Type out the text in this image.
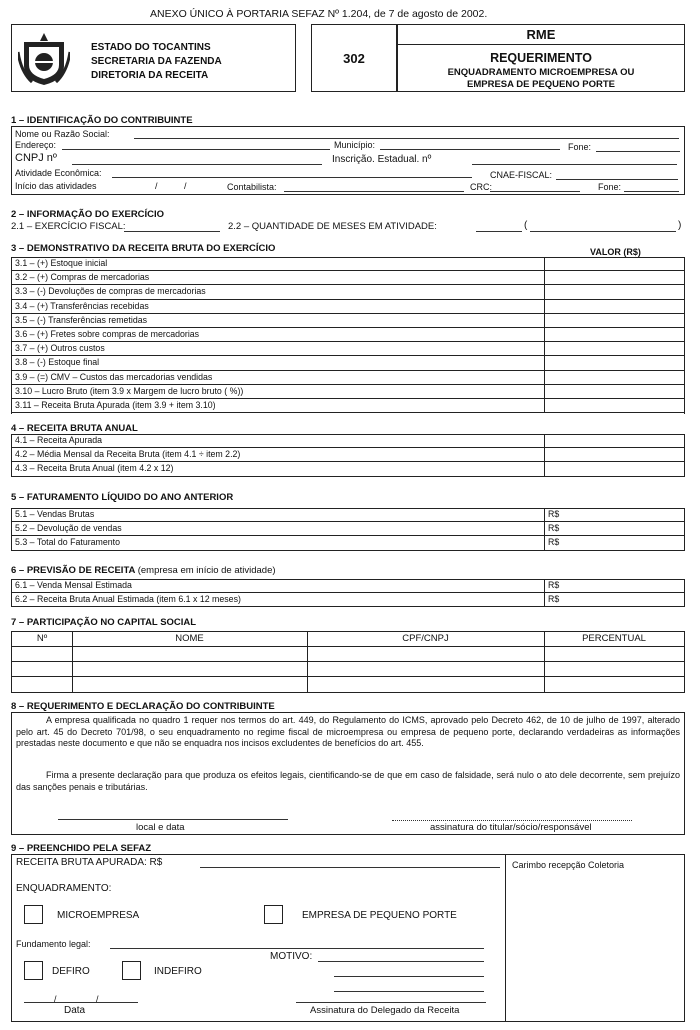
ANEXO ÚNICO À PORTARIA SEFAZ Nº 1.204, de 7 de agosto de 2002.
ESTADO DO TOCANTINS
SECRETARIA DA FAZENDA
DIRETORIA DA RECEITA
302
RME
REQUERIMENTO
ENQUADRAMENTO MICROEMPRESA OU
EMPRESA DE PEQUENO PORTE
1 – IDENTIFICAÇÃO DO CONTRIBUINTE
Nome ou Razão Social:
Endereço:	Município:	Fone:
CNPJ nº	Inscrição. Estadual. nº
Atividade Econômica:	CNAE-FISCAL:
Início das atividades	/	/	Contabilista:	CRC:	Fone:
2 – INFORMAÇÃO DO EXERCÍCIO
2.1 – EXERCÍCIO FISCAL:	2.2 – QUANTIDADE DE MESES EM ATIVIDADE:	(	)
3 – DEMONSTRATIVO DA RECEITA BRUTA DO EXERCÍCIO	VALOR (R$)
3.1 – (+) Estoque inicial
3.2 – (+) Compras de mercadorias
3.3 – (-) Devoluções de compras de mercadorias
3.4 – (+) Transferências recebidas
3.5 – (-) Transferências remetidas
3.6 – (+) Fretes sobre compras de mercadorias
3.7 – (+) Outros custos
3.8 – (-) Estoque final
3.9 – (=) CMV – Custos das mercadorias vendidas
3.10 – Lucro Bruto (item 3.9 x Margem de lucro bruto ( %))
3.11 – Receita Bruta Apurada (item 3.9 + item 3.10)
4 – RECEITA BRUTA ANUAL
4.1 – Receita Apurada
4.2 – Média Mensal da Receita Bruta (item 4.1 ÷ item 2.2)
4.3 – Receita Bruta Anual (item 4.2 x 12)
5 – FATURAMENTO LÍQUIDO DO ANO ANTERIOR
5.1 – Vendas Brutas	R$
5.2 – Devolução de vendas	R$
5.3 – Total do Faturamento	R$
6 – PREVISÃO DE RECEITA (empresa em início de atividade)
6.1 – Venda Mensal Estimada	R$
6.2 – Receita Bruta Anual Estimada (item 6.1 x 12 meses)	R$
7 – PARTICIPAÇÃO NO CAPITAL SOCIAL
Nº	NOME	CPF/CNPJ	PERCENTUAL
8 – REQUERIMENTO E DECLARAÇÃO DO CONTRIBUINTE
A empresa qualificada no quadro 1 requer nos termos do art. 449, do Regulamento do ICMS, aprovado pelo Decreto 462, de 10 de julho de 1997, alterado pelo art. 45 do Decreto 701/98, o seu enquadramento no regime fiscal de microempresa ou empresa de pequeno porte, declarando verdadeiras as informações prestadas neste documento e que não se enquadra nos incisos excludentes de benefícios do art. 455.
Firma a presente declaração para que produza os efeitos legais, cientificando-se de que em caso de falsidade, será nulo o ato dele decorrente, sem prejuízo das sanções penais e tributárias.
local e data	assinatura do titular/sócio/responsável
9 – PREENCHIDO PELA SEFAZ
Carimbo recepção Coletoria
RECEITA BRUTA APURADA: R$
ENQUADRAMENTO:
MICROEMPRESA	EMPRESA DE PEQUENO PORTE
Fundamento legal:
MOTIVO:
DEFIRO	INDEFIRO
/	/
Data	Assinatura do Delegado da Receita
